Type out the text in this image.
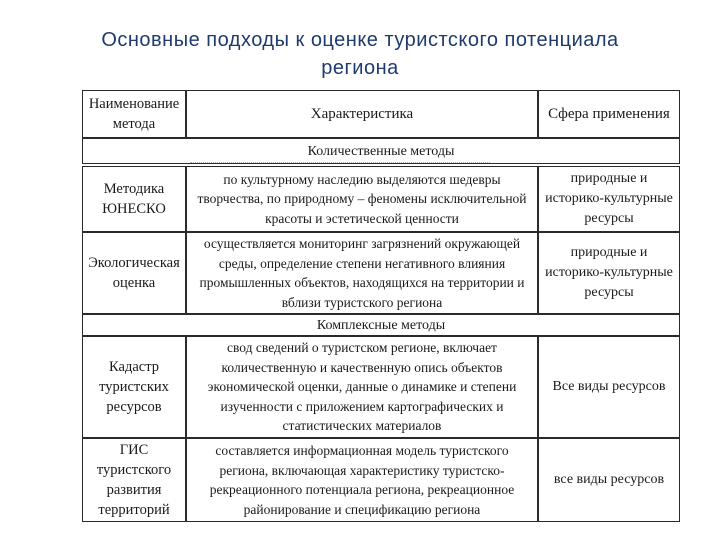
Основные подходы к оценке туристского потенциала
региона
Наименование метода
Характеристика	Сфера применения
Количественные методы
Методика ЮНЕСКО
по культурному наследию выделяются шедевры творчества, по природному – феномены исключительной красоты и эстетической ценности
природные и историко-культурные ресурсы
Экологическая оценка
осуществляется мониторинг загрязнений окружающей среды, определение степени негативного влияния промышленных объектов, находящихся на территории и вблизи туристского региона
природные и историко-культурные ресурсы
Комплексные методы
Кадастр туристских ресурсов
свод сведений о туристском регионе, включает количественную и качественную опись объектов экономической оценки, данные о динамике и степени изученности с приложением картографических и статистических материалов
Все виды ресурсов
ГИС туристского развития территорий
составляется информационная модель туристского региона, включающая характеристику туристско-рекреационного потенциала региона, рекреационное районирование и спецификацию региона
все виды ресурсов
